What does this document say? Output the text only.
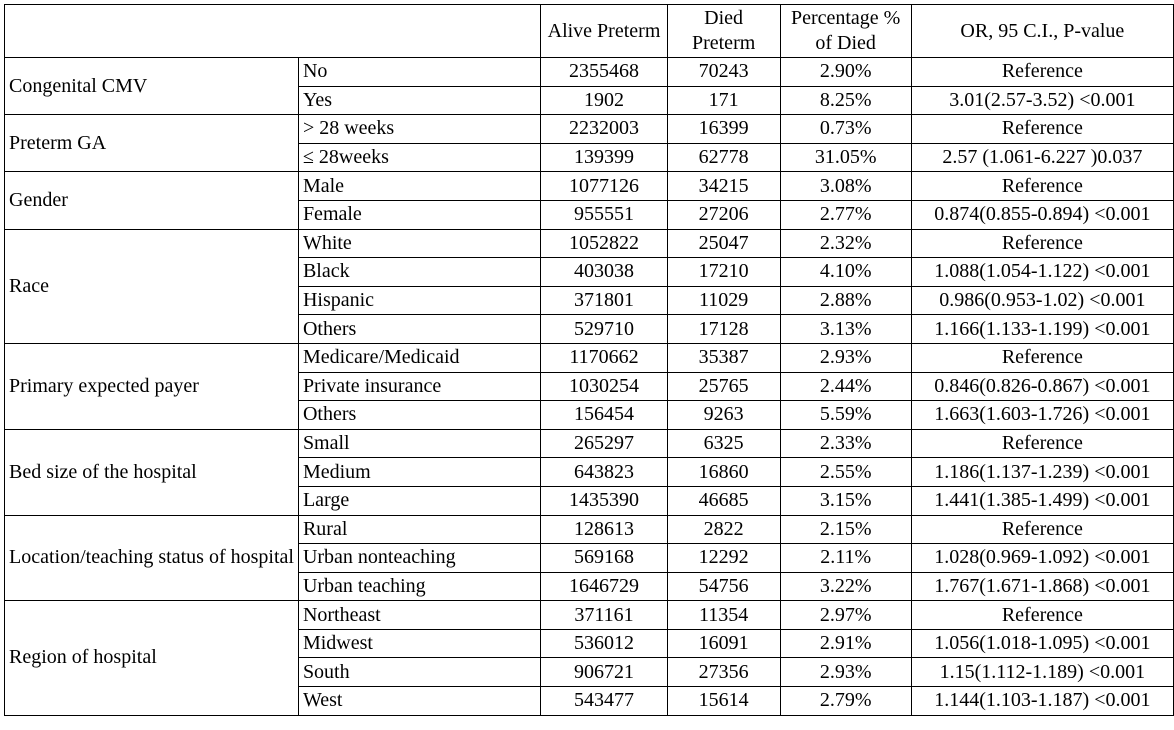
		Alive Preterm	Died Preterm	Percentage % of Died	OR, 95 C.I., P-value
Congenital CMV	No	2355468	70243	2.90%	Reference
	Yes	1902	171	8.25%	3.01(2.57-3.52) <0.001
Preterm GA	> 28 weeks	2232003	16399	0.73%	Reference
	≤ 28weeks	139399	62778	31.05%	2.57 (1.061-6.227 )0.037
Gender	Male	1077126	34215	3.08%	Reference
	Female	955551	27206	2.77%	0.874(0.855-0.894) <0.001
Race	White	1052822	25047	2.32%	Reference
	Black	403038	17210	4.10%	1.088(1.054-1.122) <0.001
	Hispanic	371801	11029	2.88%	0.986(0.953-1.02) <0.001
	Others	529710	17128	3.13%	1.166(1.133-1.199) <0.001
Primary expected payer	Medicare/Medicaid	1170662	35387	2.93%	Reference
	Private insurance	1030254	25765	2.44%	0.846(0.826-0.867) <0.001
	Others	156454	9263	5.59%	1.663(1.603-1.726) <0.001
Bed size of the hospital	Small	265297	6325	2.33%	Reference
	Medium	643823	16860	2.55%	1.186(1.137-1.239) <0.001
	Large	1435390	46685	3.15%	1.441(1.385-1.499) <0.001
Location/teaching status of hospital	Rural	128613	2822	2.15%	Reference
	Urban nonteaching	569168	12292	2.11%	1.028(0.969-1.092) <0.001
	Urban teaching	1646729	54756	3.22%	1.767(1.671-1.868) <0.001
Region of hospital	Northeast	371161	11354	2.97%	Reference
	Midwest	536012	16091	2.91%	1.056(1.018-1.095) <0.001
	South	906721	27356	2.93%	1.15(1.112-1.189) <0.001
	West	543477	15614	2.79%	1.144(1.103-1.187) <0.001
